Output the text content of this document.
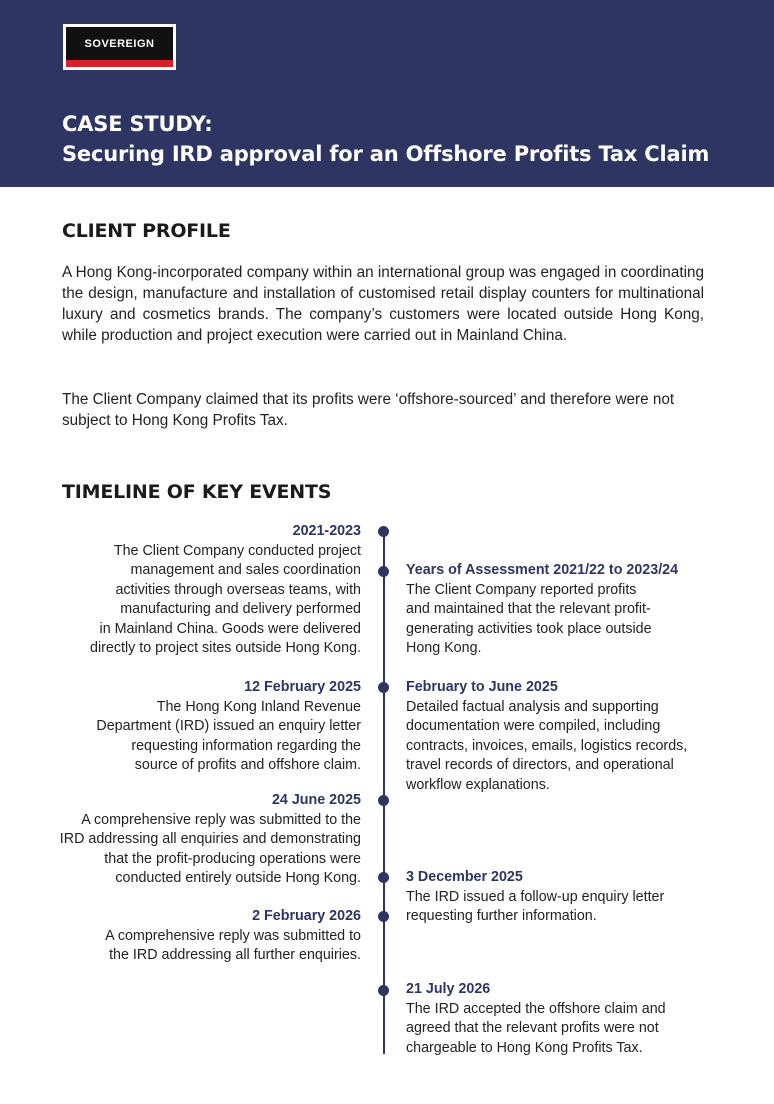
SOVEREIGN
CASE STUDY:
Securing IRD approval for an Offshore Profits Tax Claim
CLIENT PROFILE
A Hong Kong-incorporated company within an international group was engaged in coordinating the design, manufacture and installation of customised retail display counters for multinational luxury and cosmetics brands. The company’s customers were located outside Hong Kong, while production and project execution were carried out in Mainland China.
The Client Company claimed that its profits were ‘offshore-sourced’ and therefore were not subject to Hong Kong Profits Tax.
TIMELINE OF KEY EVENTS
2021-2023
The Client Company conducted project
management and sales coordination
activities through overseas teams, with
manufacturing and delivery performed
in Mainland China. Goods were delivered
directly to project sites outside Hong Kong.
Years of Assessment 2021/22 to 2023/24
The Client Company reported profits
and maintained that the relevant profit-
generating activities took place outside
Hong Kong.
12 February 2025
The Hong Kong Inland Revenue
Department (IRD) issued an enquiry letter
requesting information regarding the
source of profits and offshore claim.
February to June 2025
Detailed factual analysis and supporting
documentation were compiled, including
contracts, invoices, emails, logistics records,
travel records of directors, and operational
workflow explanations.
24 June 2025
A comprehensive reply was submitted to the
IRD addressing all enquiries and demonstrating
that the profit-producing operations were
conducted entirely outside Hong Kong.	3 December 2025
The IRD issued a follow-up enquiry letter
requesting further information.
2 February 2026
A comprehensive reply was submitted to
the IRD addressing all further enquiries.
21 July 2026
The IRD accepted the offshore claim and
agreed that the relevant profits were not
chargeable to Hong Kong Profits Tax.
